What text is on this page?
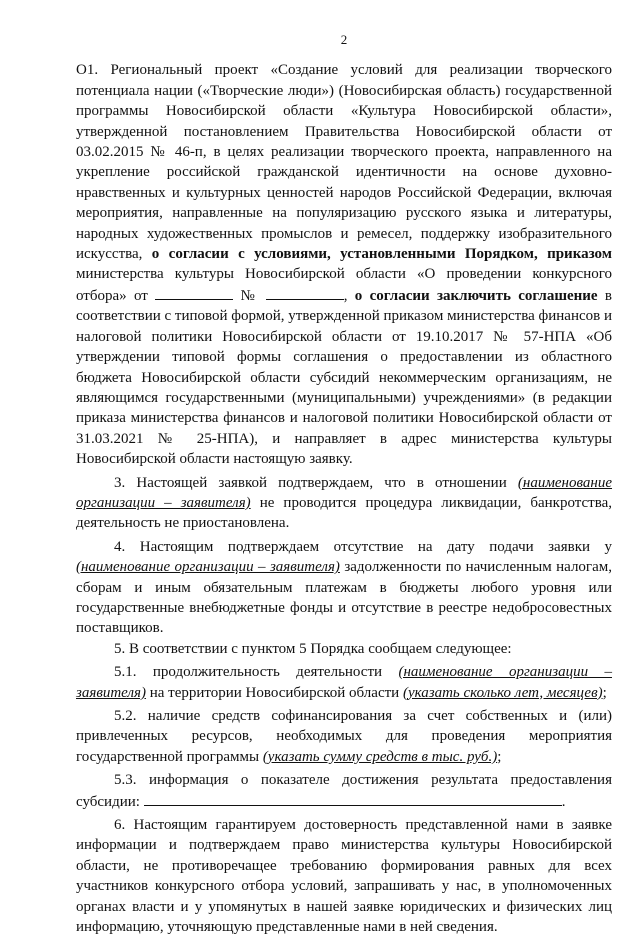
2

O1. Региональный проект «Создание условий для реализации творческого потенциала нации («Творческие люди») (Новосибирская область) государственной программы Новосибирской области «Культура Новосибирской области», утвержденной постановлением Правительства Новосибирской области от 03.02.2015 № 46-п, в целях реализации творческого проекта, направленного на укрепление российской гражданской идентичности на основе духовно-нравственных и культурных ценностей народов Российской Федерации, включая мероприятия, направленные на популяризацию русского языка и литературы, народных художественных промыслов и ремесел, поддержку изобразительного искусства, о согласии с условиями, установленными Порядком, приказом министерства культуры Новосибирской области «О проведении конкурсного отбора» от	№	, о согласии заключить соглашение в соответствии с типовой формой, утвержденной приказом министерства финансов и налоговой политики Новосибирской области от 19.10.2017 № 57-НПА «Об утверждении типовой формы соглашения о предоставлении из областного бюджета Новосибирской области субсидий некоммерческим организациям, не являющимся государственными (муниципальными) учреждениями» (в редакции приказа министерства финансов и налоговой политики Новосибирской области от 31.03.2021 № 25-НПА), и направляет в адрес министерства культуры Новосибирской области настоящую заявку.

3. Настоящей заявкой подтверждаем, что в отношении (наименование организации – заявителя) не проводится процедура ликвидации, банкротства, деятельность не приостановлена.

4. Настоящим подтверждаем отсутствие на дату подачи заявки у (наименование организации – заявителя) задолженности по начисленным налогам, сборам и иным обязательным платежам в бюджеты любого уровня или государственные внебюджетные фонды и отсутствие в реестре недобросовестных поставщиков.

5. В соответствии с пунктом 5 Порядка сообщаем следующее:

5.1. продолжительность деятельности (наименование организации – заявителя) на территории Новосибирской области (указать сколько лет, месяцев);

5.2. наличие средств софинансирования за счет собственных и (или) привлеченных ресурсов, необходимых для проведения мероприятия государственной программы (указать сумму средств в тыс. руб.);

5.3. информация о показателе достижения результата предоставления субсидии:	.

6. Настоящим гарантируем достоверность представленной нами в заявке информации и подтверждаем право министерства культуры Новосибирской области, не противоречащее требованию формирования равных для всех участников конкурсного отбора условий, запрашивать у нас, в уполномоченных органах власти и у упомянутых в нашей заявке юридических и физических лиц информацию, уточняющую представленные нами в ней сведения.
